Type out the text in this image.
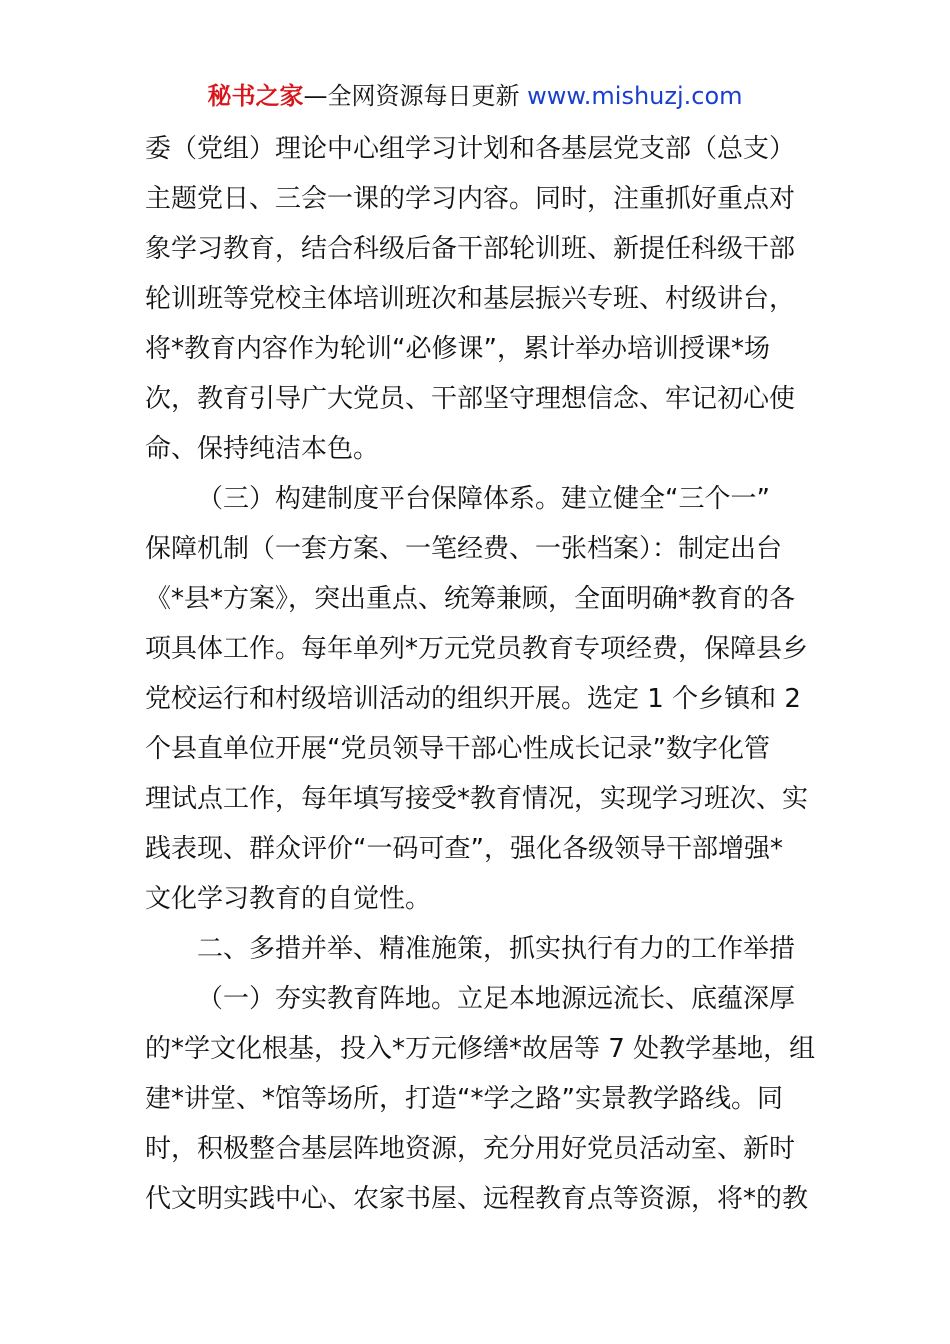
秘书之家—全网资源每日更新 www.mishuzj.com
委（党组）理论中心组学习计划和各基层党支部（总支）
主题党日、三会一课的学习内容。同时，注重抓好重点对
象学习教育，结合科级后备干部轮训班、新提任科级干部
轮训班等党校主体培训班次和基层振兴专班、村级讲台，
将*教育内容作为轮训“必修课”，累计举办培训授课*场
次，教育引导广大党员、干部坚守理想信念、牢记初心使
命、保持纯洁本色。
（三）构建制度平台保障体系。建立健全“三个一”
保障机制（一套方案、一笔经费、一张档案）：制定出台
《*县*方案》，突出重点、统筹兼顾，全面明确*教育的各
项具体工作。每年单列*万元党员教育专项经费，保障县乡
党校运行和村级培训活动的组织开展。选定 1 个乡镇和 2
个县直单位开展“党员领导干部心性成长记录”数字化管
理试点工作，每年填写接受*教育情况，实现学习班次、实
践表现、群众评价“一码可查”，强化各级领导干部增强*
文化学习教育的自觉性。
二、多措并举、精准施策，抓实执行有力的工作举措
（一）夯实教育阵地。立足本地源远流长、底蕴深厚
的*学文化根基，投入*万元修缮*故居等 7 处教学基地，组
建*讲堂、*馆等场所，打造“*学之路”实景教学路线。同
时，积极整合基层阵地资源，充分用好党员活动室、新时
代文明实践中心、农家书屋、远程教育点等资源，将*的教
